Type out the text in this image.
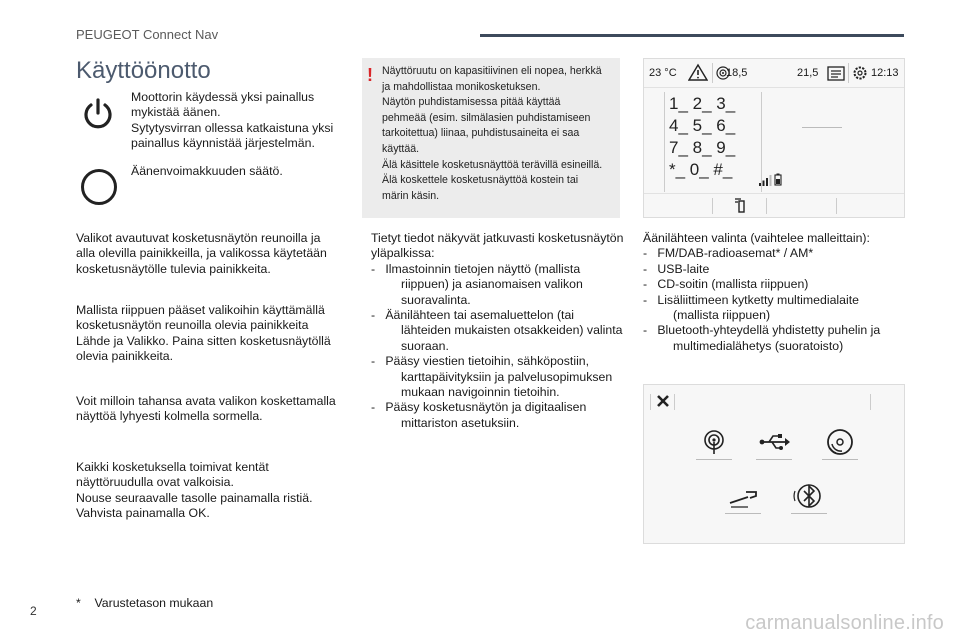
PEUGEOT Connect Nav
Käyttöönotto
Moottorin käydessä yksi painallus
mykistää äänen.
Sytytysvirran ollessa katkaistuna yksi
painallus käynnistää järjestelmän.
Äänenvoimakkuuden säätö.
Valikot avautuvat kosketusnäytön reunoilla ja
alla olevilla painikkeilla, ja valikossa käytetään
kosketusnäytölle tulevia painikkeita.
Mallista riippuen pääset valikoihin käyttämällä
kosketusnäytön reunoilla olevia painikkeita
Lähde ja Valikko. Paina sitten kosketusnäytöllä
olevia painikkeita.
Voit milloin tahansa avata valikon koskettamalla
näyttöä lyhyesti kolmella sormella.
Kaikki kosketuksella toimivat kentät
näyttöruudulla ovat valkoisia.
Nouse seuraavalle tasolle painamalla ristiä.
Vahvista painamalla OK.
! Näyttöruutu on kapasitiivinen eli nopea, herkkä
ja mahdollistaa monikosketuksen.
Näytön puhdistamisessa pitää käyttää
pehmeää (esim. silmälasien puhdistamiseen
tarkoitettua) liinaa, puhdistusaineita ei saa
käyttää.
Älä käsittele kosketusnäyttöä terävillä esineillä.
Älä koskettele kosketusnäyttöä kostein tai
märin käsin.
Tietyt tiedot näkyvät jatkuvasti kosketusnäytön
yläpalkissa:
-   Ilmastoinnin tietojen näyttö (mallista
riippuen) ja asianomaisen valikon
suoravalinta.
-   Äänilähteen tai asemaluettelon (tai
lähteiden mukaisten otsakkeiden) valinta
suoraan.
-   Pääsy viestien tietoihin, sähköpostiin,
karttapäivityksiin ja palvelusopimuksen
mukaan navigoinnin tietoihin.
-   Pääsy kosketusnäytön ja digitaalisen
mittariston asetuksiin.
23 °C	18,5	21,5	12:13
1_ 2_ 3_
4_ 5_ 6_
7_ 8_ 9_
*_ 0_ #_
Äänilähteen valinta (vaihtelee malleittain):
-   FM/DAB-radioasemat* / AM*
-   USB-laite
-   CD-soitin (mallista riippuen)
-   Lisäliittimeen kytketty multimedialaite
(mallista riippuen)
-   Bluetooth-yhteydellä yhdistetty puhelin ja
multimedialähetys (suoratoisto)
* Varustetason mukaan
2
carmanualsonline.info
